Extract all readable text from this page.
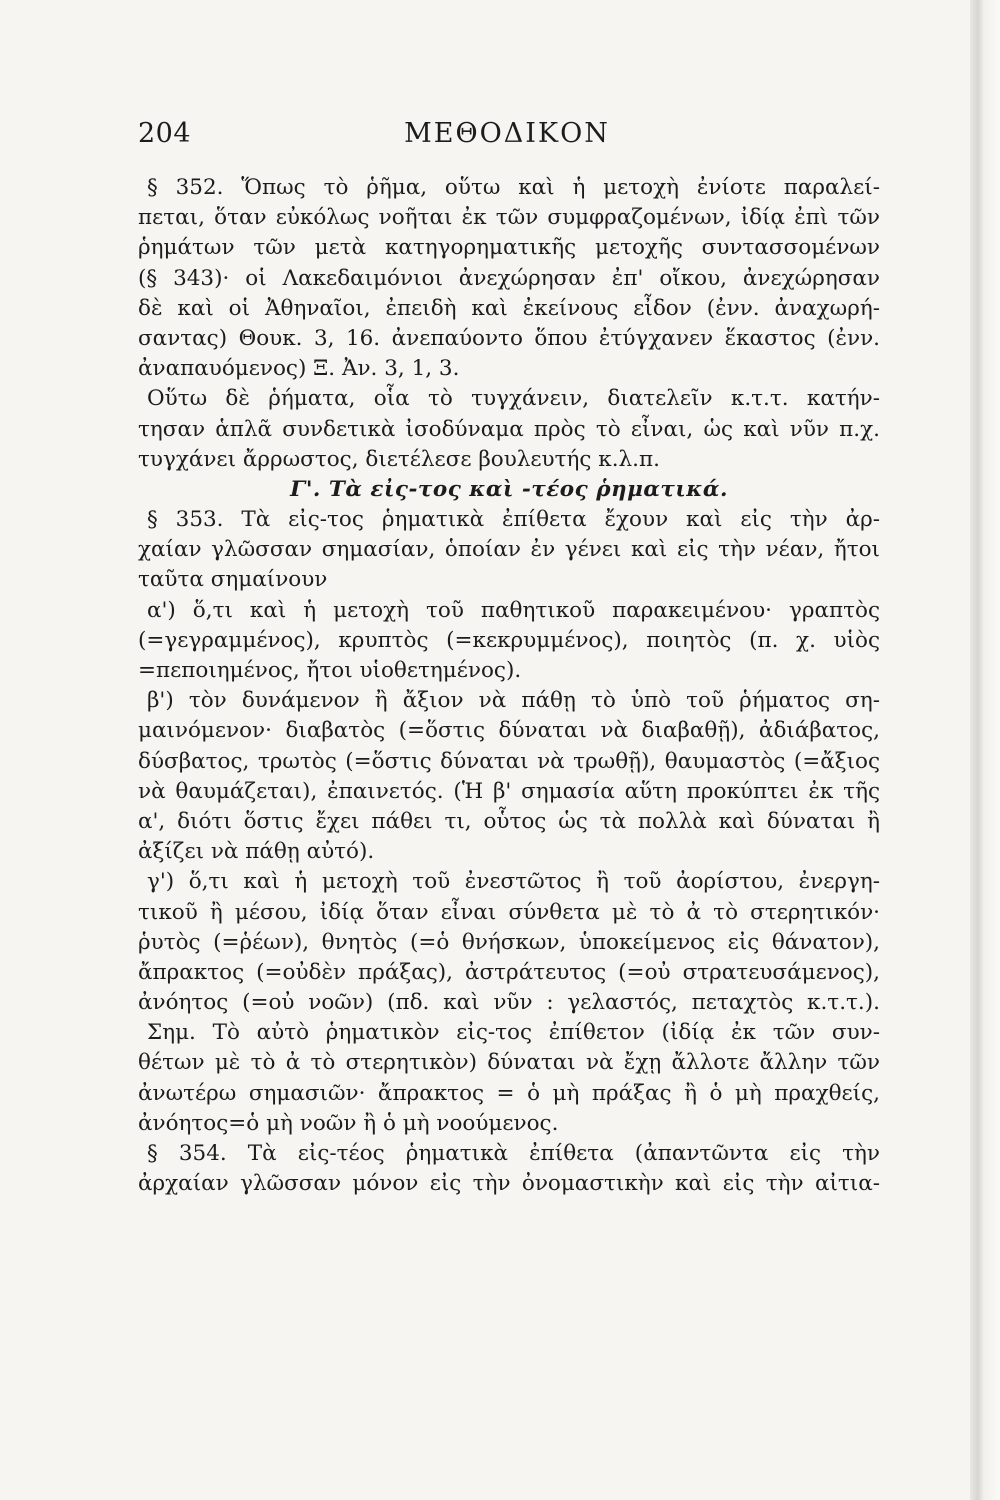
204	ΜΕΘΟΔΙΚΟΝ
§ 352. Ὅπως τὸ ῥῆμα, οὕτω καὶ ἡ μετοχὴ ἐνίοτε παραλεί-
πεται, ὅταν εὐκόλως νοῆται ἐκ τῶν συμφραζομένων, ἰδίᾳ ἐπὶ τῶν
ῥημάτων τῶν μετὰ κατηγορηματικῆς μετοχῆς συντασσομένων
(§ 343)· οἱ Λακεδαιμόνιοι ἀνεχώρησαν ἐπ' οἴκου, ἀνεχώρησαν
δὲ καὶ οἱ Ἀθηναῖοι, ἐπειδὴ καὶ ἐκείνους εἶδον (ἐνν. ἀναχωρή-
σαντας) Θουκ. 3, 16. ἀνεπαύοντο ὅπου ἐτύγχανεν ἕκαστος (ἐνν.
ἀναπαυόμενος) Ξ. Ἀν. 3, 1, 3.
Οὕτω δὲ ῥήματα, οἷα τὸ τυγχάνειν, διατελεῖν κ.τ.τ. κατήν-
τησαν ἁπλᾶ συνδετικὰ ἰσοδύναμα πρὸς τὸ εἶναι, ὡς καὶ νῦν π.χ.
τυγχάνει ἄρρωστος, διετέλεσε βουλευτής κ.λ.π.
Γ'. Τὰ εἰς-τος καὶ -τέος ῥηματικά.
§ 353. Τὰ εἰς-τος ῥηματικὰ ἐπίθετα ἔχουν καὶ εἰς τὴν ἀρ-
χαίαν γλῶσσαν σημασίαν, ὁποίαν ἐν γένει καὶ εἰς τὴν νέαν, ἤτοι
ταῦτα σημαίνουν
α') ὅ,τι καὶ ἡ μετοχὴ τοῦ παθητικοῦ παρακειμένου· γραπτὸς
(=γεγραμμένος), κρυπτὸς (=κεκρυμμένος), ποιητὸς (π. χ. υἱὸς
=πεποιημένος, ἤτοι υἱοθετημένος).
β') τὸν δυνάμενον ἢ ἄξιον νὰ πάθῃ τὸ ὑπὸ τοῦ ῥήματος ση-
μαινόμενον· διαβατὸς (=ὅστις δύναται νὰ διαβαθῇ), ἀδιάβατος,
δύσβατος, τρωτὸς (=ὅστις δύναται νὰ τρωθῇ), θαυμαστὸς (=ἄξιος
νὰ θαυμάζεται), ἐπαινετός. (Ἡ β' σημασία αὕτη προκύπτει ἐκ τῆς
α', διότι ὅστις ἔχει πάθει τι, οὗτος ὡς τὰ πολλὰ καὶ δύναται ἢ
ἀξίζει νὰ πάθῃ αὐτό).
γ') ὅ,τι καὶ ἡ μετοχὴ τοῦ ἐνεστῶτος ἢ τοῦ ἀορίστου, ἐνεργη-
τικοῦ ἢ μέσου, ἰδίᾳ ὅταν εἶναι σύνθετα μὲ τὸ ἀ τὸ στερητικόν·
ῥυτὸς (=ῥέων), θνητὸς (=ὁ θνήσκων, ὑποκείμενος εἰς θάνατον),
ἄπρακτος (=οὐδὲν πράξας), ἀστράτευτος (=οὐ στρατευσάμενος),
ἀνόητος (=οὐ νοῶν) (πδ. καὶ νῦν : γελαστός, πεταχτὸς κ.τ.τ.).
Σημ. Τὸ αὐτὸ ῥηματικὸν εἰς-τος ἐπίθετον (ἰδίᾳ ἐκ τῶν συν-
θέτων μὲ τὸ ἀ τὸ στερητικὸν) δύναται νὰ ἔχῃ ἄλλοτε ἄλλην τῶν
ἀνωτέρω σημασιῶν· ἄπρακτος = ὁ μὴ πράξας ἢ ὁ μὴ πραχθείς,
ἀνόητος=ὁ μὴ νοῶν ἢ ὁ μὴ νοούμενος.
§ 354. Τὰ εἰς-τέος ῥηματικὰ ἐπίθετα (ἀπαντῶντα εἰς τὴν
ἀρχαίαν γλῶσσαν μόνον εἰς τὴν ὀνομαστικὴν καὶ εἰς τὴν αἰτια-
